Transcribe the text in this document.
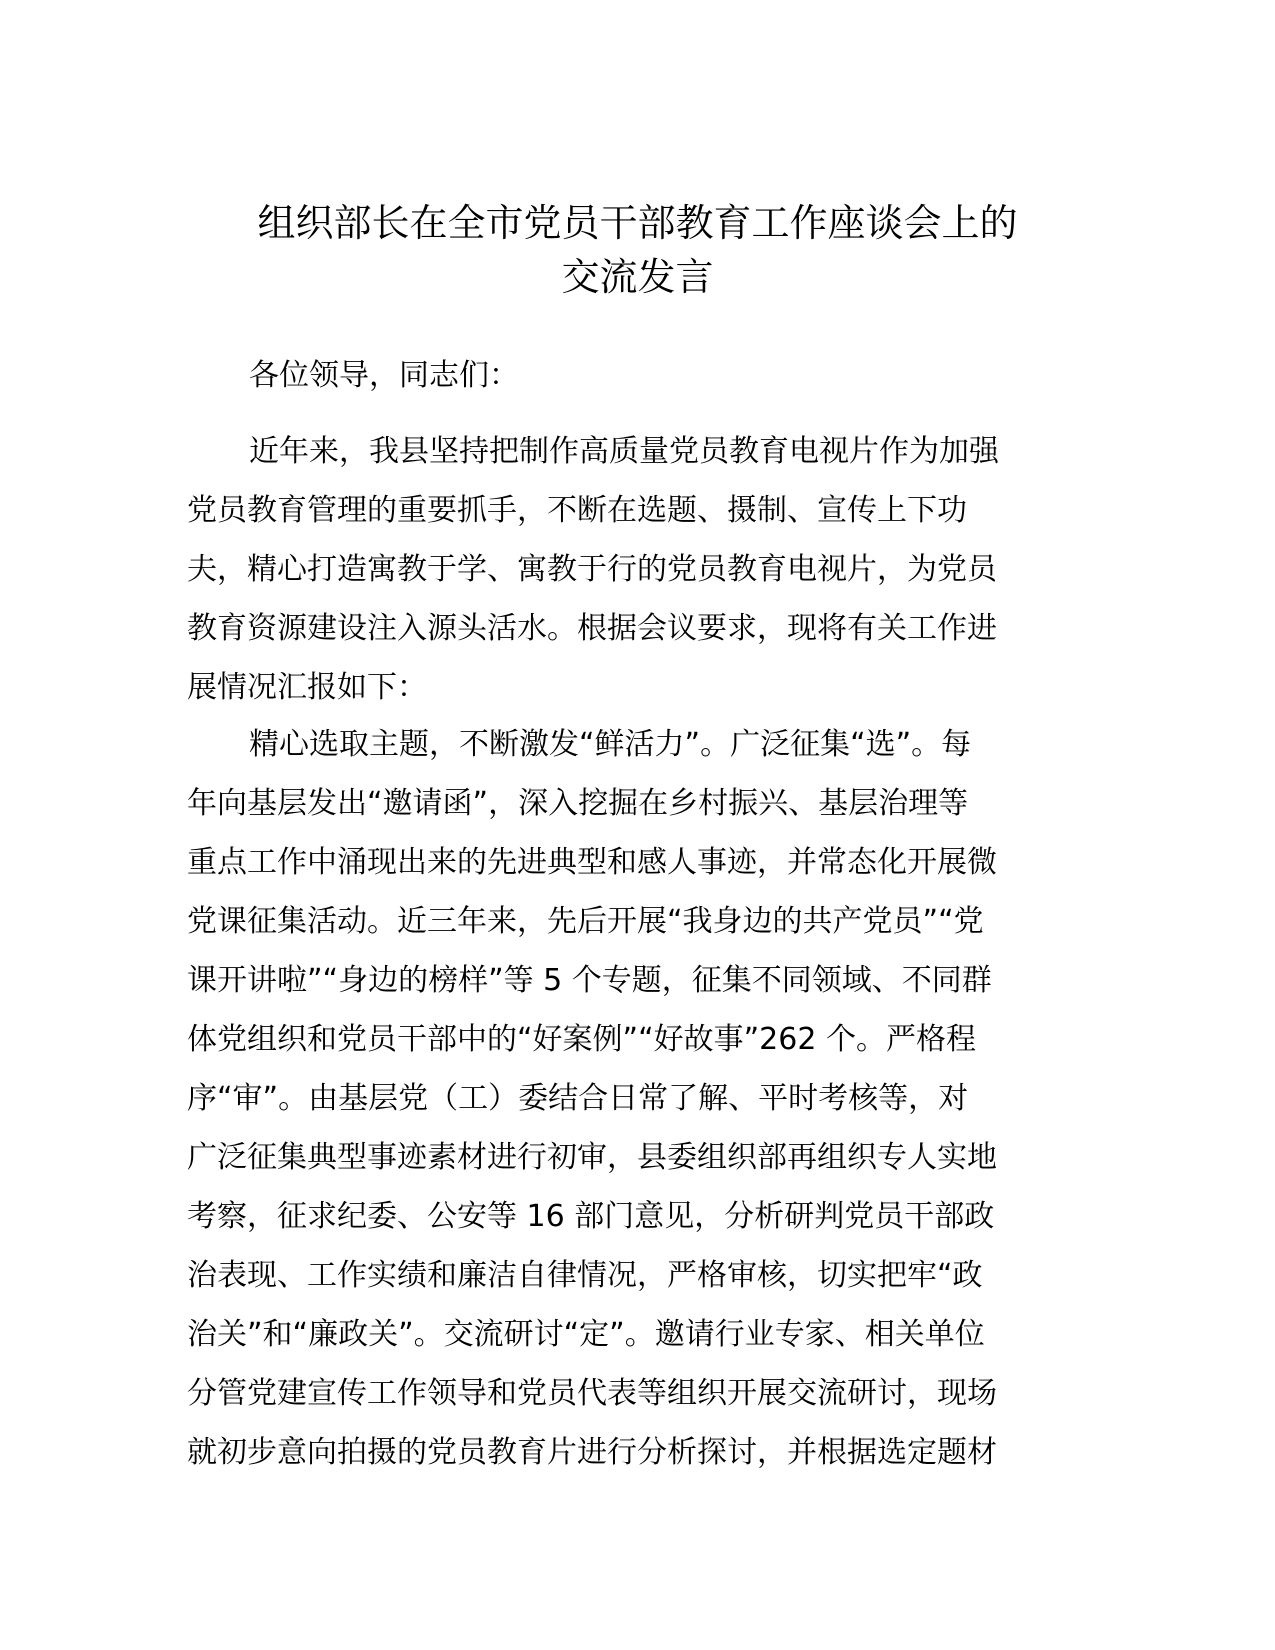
组织部长在全市党员干部教育工作座谈会上的
交流发言

各位领导，同志们：

近年来，我县坚持把制作高质量党员教育电视片作为加强
党员教育管理的重要抓手，不断在选题、摄制、宣传上下功
夫，精心打造寓教于学、寓教于行的党员教育电视片，为党员
教育资源建设注入源头活水。根据会议要求，现将有关工作进
展情况汇报如下：
精心选取主题，不断激发“鲜活力”。广泛征集“选”。每
年向基层发出“邀请函”，深入挖掘在乡村振兴、基层治理等
重点工作中涌现出来的先进典型和感人事迹，并常态化开展微
党课征集活动。近三年来，先后开展“我身边的共产党员”“党
课开讲啦”“身边的榜样”等 5 个专题，征集不同领域、不同群
体党组织和党员干部中的“好案例”“好故事”262 个。严格程
序“审”。由基层党（工）委结合日常了解、平时考核等，对
广泛征集典型事迹素材进行初审，县委组织部再组织专人实地
考察，征求纪委、公安等 16 部门意见，分析研判党员干部政
治表现、工作实绩和廉洁自律情况，严格审核，切实把牢“政
治关”和“廉政关”。交流研讨“定”。邀请行业专家、相关单位
分管党建宣传工作领导和党员代表等组织开展交流研讨，现场
就初步意向拍摄的党员教育片进行分析探讨，并根据选定题材
